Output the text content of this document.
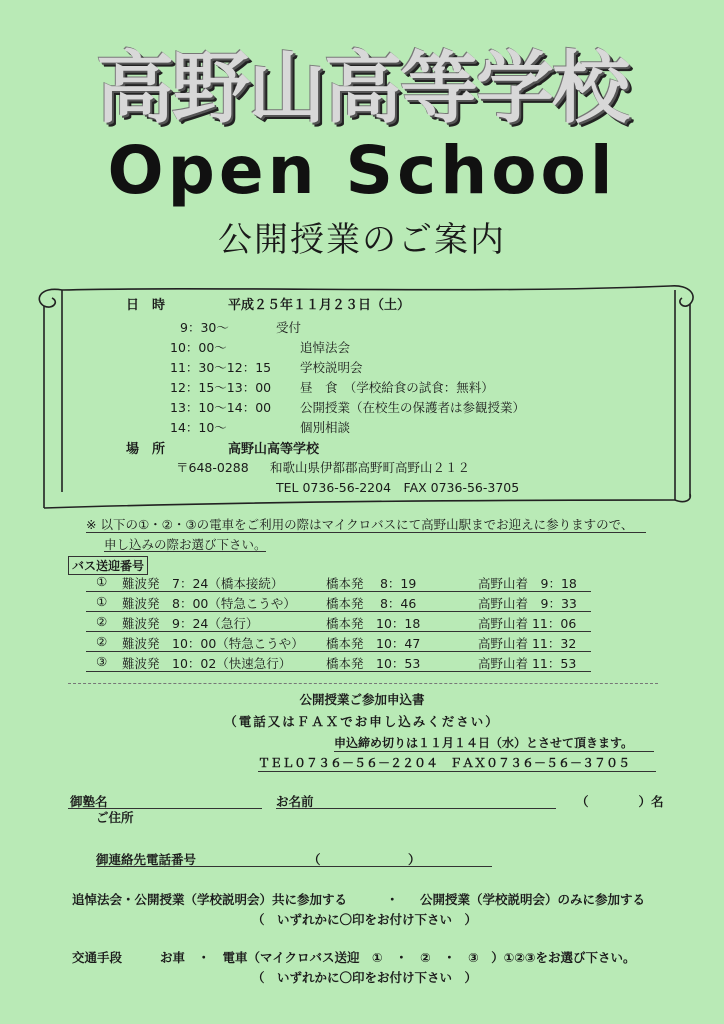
高野山高等学校
Open School
公開授業のご案内
日　時	平成２５年１１月２３日（土）
9：30～	受付
10：00～	追悼法会
11：30～12：15 学校説明会
12：15～13：00 昼　食　（学校給食の試食：無料）
13：10～14：00 公開授業（在校生の保護者は参観授業）
14：10～	個別相談
場　所	高野山高等学校
〒648-0288 和歌山県伊都郡高野町高野山２１２
TEL 0736-56-2204　FAX 0736-56-3705
※ 以下の①・②・③の電車をご利用の際はマイクロバスにて高野山駅までお迎えに参りますので、
申し込みの際お選び下さい。
バス送迎番号
① 難波発　7：24（橋本接続）	橋本発　 8：19	高野山着　9：18
① 難波発　8：00（特急こうや） 橋本発　 8：46	高野山着　9：33
② 難波発　9：24（急行）	橋本発　10：18	高野山着 11：06
② 難波発　10：00（特急こうや） 橋本発　10：47	高野山着 11：32
③ 難波発　10：02（快速急行）	橋本発　10：53	高野山着 11：53
公開授業ご参加申込書
（電話又はＦＡＸでお申し込みください）
申込締め切りは１１月１４日（水）とさせて頂きます。
ＴＥＬ０７３６－５６－２２０４　ＦＡＸ０７３６－５６－３７０５
御塾名	お名前	（　　　　）名
ご住所
御連絡先電話番号	（　　　　　　　）
追悼法会・公開授業（学校説明会）共に参加する	・ 公開授業（学校説明会）のみに参加する
（　いずれかに〇印をお付け下さい　）
交通手段	お車　・　電車（マイクロバス送迎　①　・　②　・　③　）①②③をお選び下さい。
（　いずれかに〇印をお付け下さい　）
